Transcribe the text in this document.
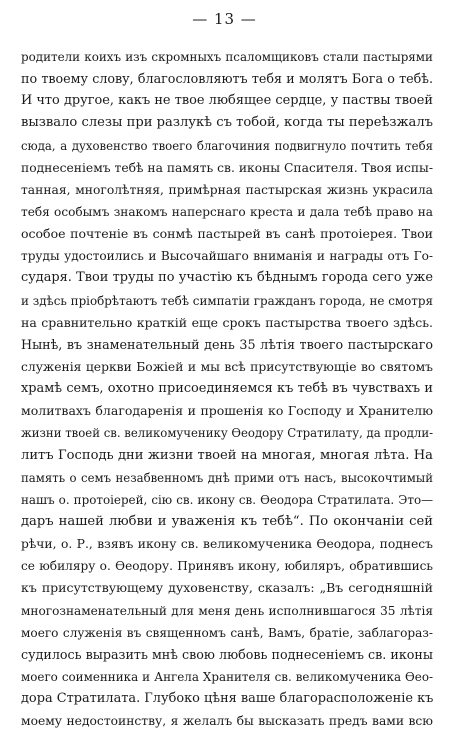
— 13 —
родители коихъ изъ скромныхъ псаломщиковъ стали пастырями
по твоему слову, благословляютъ тебя и молятъ Бога о тебѣ.
И что другое, какъ не твое любящее сердце, у паствы твоей
вызвало слезы при разлукѣ съ тобой, когда ты переѣзжалъ
сюда, а духовенство твоего благочиния подвигнуло почтить тебя
поднесеніемъ тебѣ на память св. иконы Спасителя. Твоя испы-
танная, многолѣтняя, примѣрная пастырская жизнь украсила
тебя особымъ знакомъ наперснаго креста и дала тебѣ право на
особое почтеніе въ сонмѣ пастырей въ санѣ протоіерея. Твои
труды удостоились и Высочайшаго вниманія и награды отъ Го-
сударя. Твои труды по участію къ бѣднымъ города сего уже
и здѣсь пріобрѣтаютъ тебѣ симпатіи гражданъ города, не смотря
на сравнительно краткій еще срокъ пастырства твоего здѣсь.
Нынѣ, въ знаменательный день 35 лѣтія твоего пастырскаго
служенія церкви Божіей и мы всѣ присутствующіе во святомъ
храмѣ семъ, охотно присоединяемся къ тебѣ въ чувствахъ и
молитвахъ благодаренія и прошенія ко Господу и Хранителю
жизни твоей св. великомученику Ѳеодору Стратилату, да продли-
литъ Господь дни жизни твоей на многая, многая лѣта. На
память о семъ незабвенномъ днѣ прими отъ насъ, высокочтимый
нашъ о. протоіерей, сію св. икону св. Ѳеодора Стратилата. Это—
даръ нашей любви и уваженія къ тебѣ“. По окончаніи сей
рѣчи, о. Р., взявъ икону св. великомученика Ѳеодора, поднесъ
се юбиляру о. Ѳеодору. Принявъ икону, юбиляръ, обратившись
къ присутствующему духовенству, сказалъ: „Въ сегодняшній
многознаменательный для меня день исполнившагося 35 лѣтія
моего служенія въ священномъ санѣ, Вамъ, братіе, заблагораз-
судилось выразить мнѣ свою любовь поднесеніемъ св. иконы
моего соименника и Ангела Хранителя св. великомученика Ѳео-
дора Стратилата. Глубоко цѣня ваше благорасположеніе къ
моему недостоинству, я желалъ бы высказать предъ вами всю
